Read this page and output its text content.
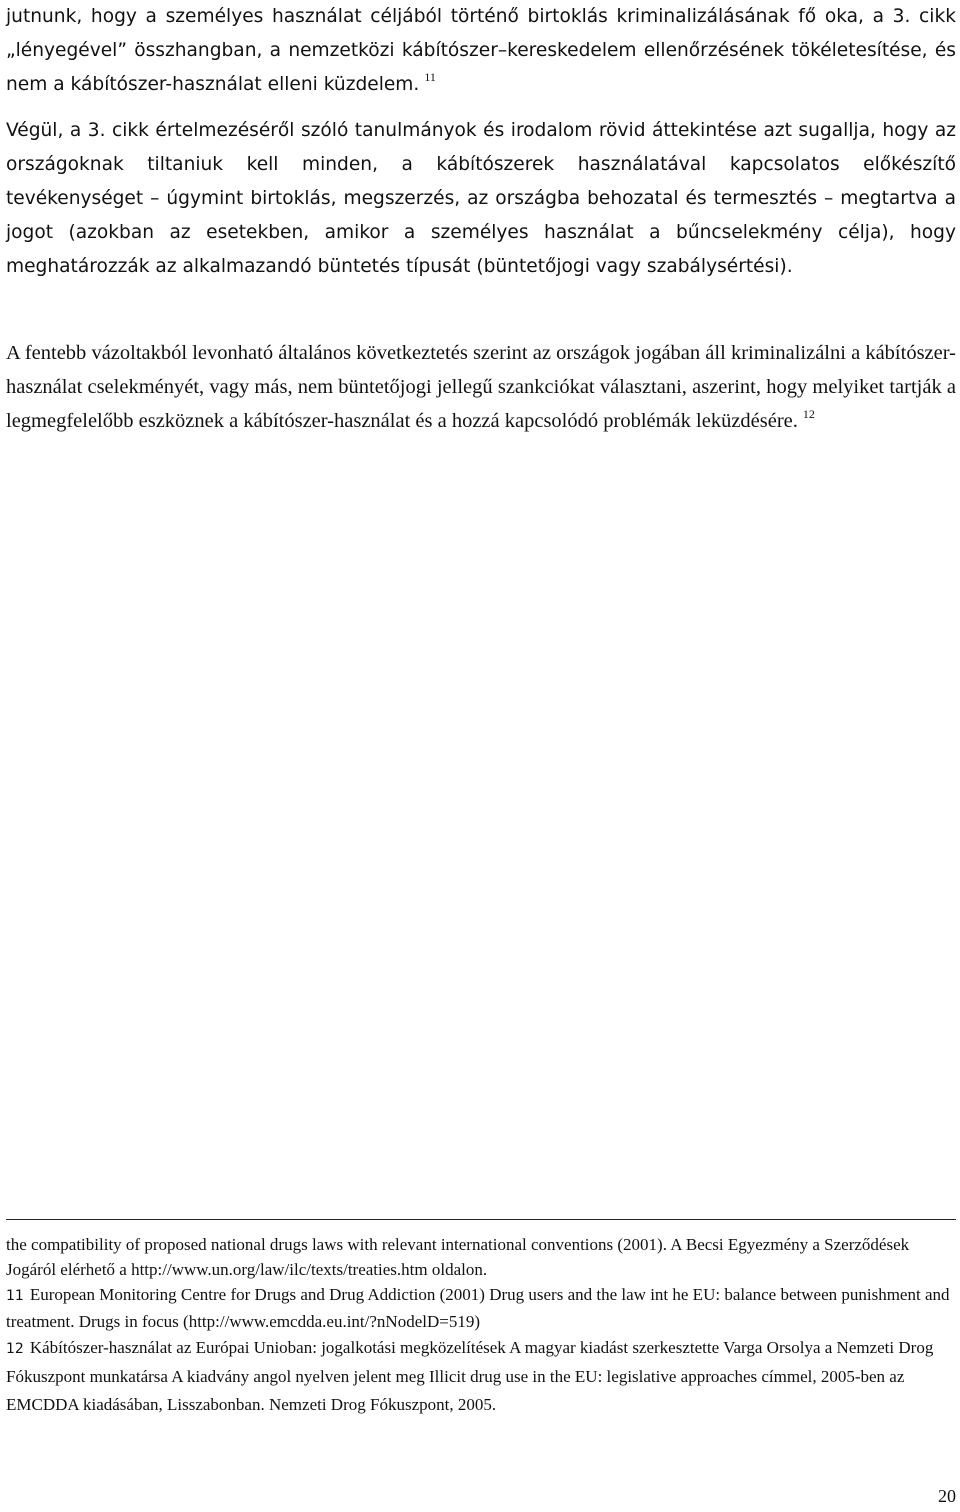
jutnunk, hogy a személyes használat céljából történő birtoklás kriminalizálásának fő oka, a 3. cikk „lényegével” összhangban, a nemzetközi kábítószer–kereskedelem ellenőrzésének tökéletesítése, és nem a kábítószer-használat elleni küzdelem. $^{11}$

Végül, a 3. cikk értelmezéséről szóló tanulmányok és irodalom rövid áttekintése azt sugallja, hogy az országoknak tiltaniuk kell minden, a kábítószerek használatával kapcsolatos előkészítő tevékenységet – úgymint birtoklás, megszerzés, az országba behozatal és termesztés – megtartva a jogot (azokban az esetekben, amikor a személyes használat a bűncselekmény célja), hogy meghatározzák az alkalmazandó büntetés típusát (büntetőjogi vagy szabálysértési).

A fentebb vázoltakból levonható általános következtetés szerint az országok jogában áll kriminalizálni a kábítószer-használat cselekményét, vagy más, nem büntetőjogi jellegű szankciókat választani, aszerint, hogy melyiket tartják a legmegfelelőbb eszköznek a kábítószer-használat és a hozzá kapcsolódó problémák leküzdésére. $^{12}$

the compatibility of proposed national drugs laws with relevant international conventions (2001). A Becsi Egyezmény a Szerződések Jogáról elérhető a http://www.un.org/law/ilc/texts/treaties.htm oldalon.

11 European Monitoring Centre for Drugs and Drug Addiction (2001) Drug users and the law int he EU: balance between punishment and treatment. Drugs in focus (http://www.emcdda.eu.int/?nNodelD=519)

12 Kábítószer-használat az Európai Unioban: jogalkotási megközelítések A magyar kiadást szerkesztette Varga Orsolya a Nemzeti Drog Fókuszpont munkatársa A kiadvány angol nyelven jelent meg Illicit drug use in the EU: legislative approaches címmel, 2005-ben az EMCDDA kiadásában, Lisszabonban. Nemzeti Drog Fókuszpont, 2005.

20
